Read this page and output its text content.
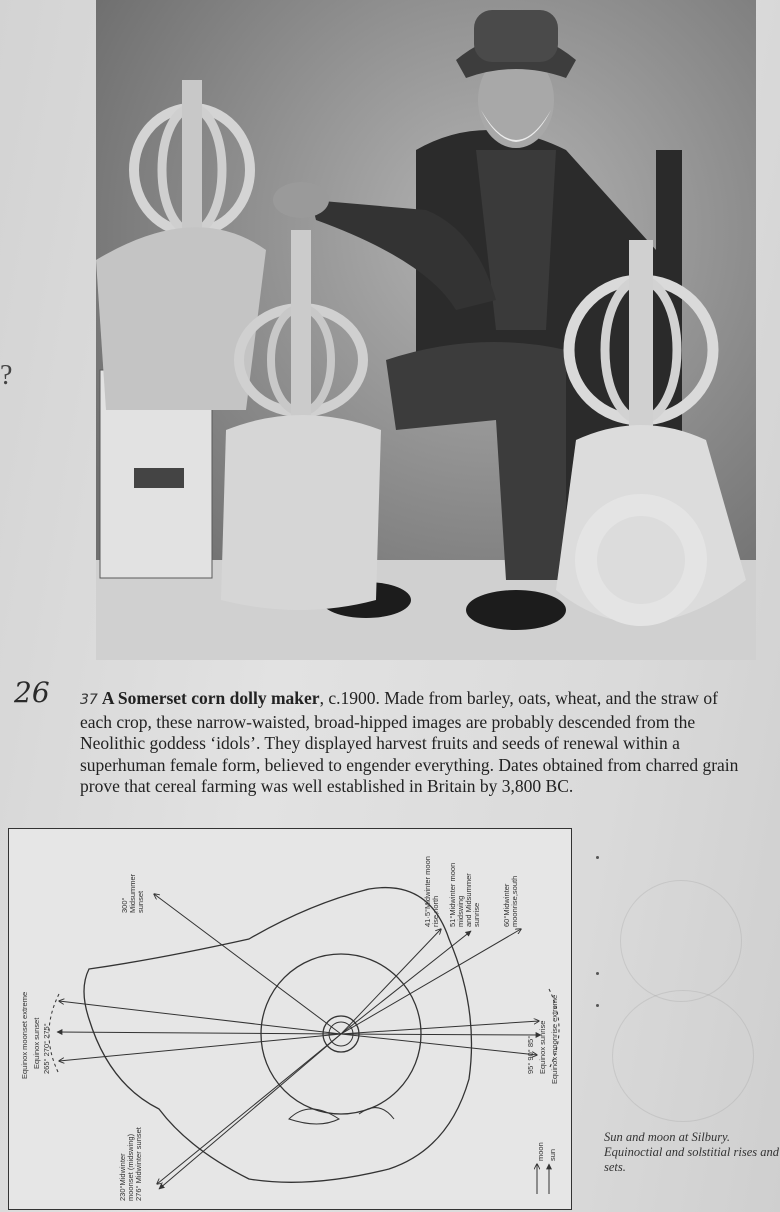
?
26 37 A Somerset corn dolly maker, c.1900. Made from barley, oats, wheat, and the straw of each crop, these narrow-waisted, broad-hipped images are probably descended from the Neolithic goddess ‘idols’. They displayed harvest fruits and seeds of renewal within a superhuman female form, believed to engender everything. Dates obtained from charred grain prove that cereal farming was well established in Britain by 3,800 BC.

300° Midsummer sunset	41·5°Midwinter moon rise,north 51°Midwinter moon midswing and Midsummer sunrise	60°Midwinter moonrise,south
Equinox moonset extreme Equinox sunset 265° 270° 275°	95° 90° 85° Equinox sunrise Equinox moonrise extreme
230°Midwinter moonset (midswing) 276° Midwinter sunset	moon sun

Sun and moon at Silbury. Equinoctial and solstitial rises and sets.
